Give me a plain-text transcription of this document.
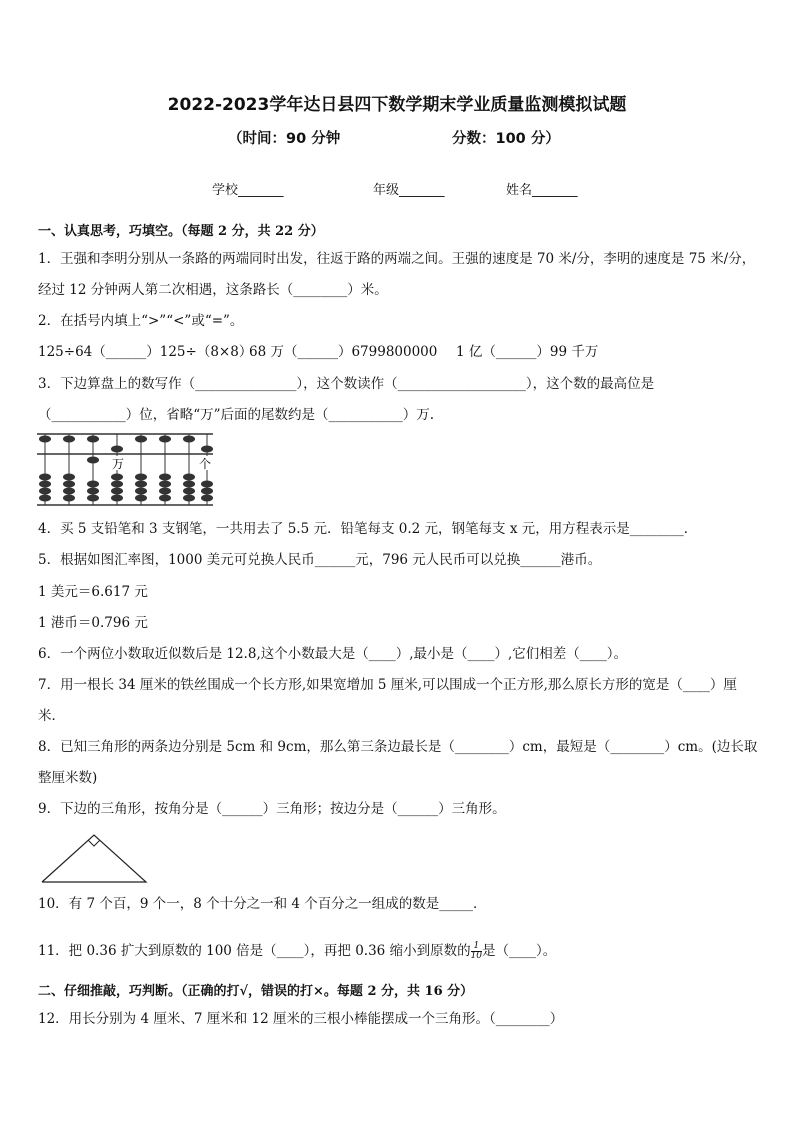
2022-2023学年达日县四下数学期末学业质量监测模拟试题
（时间：90 分钟	分数：100 分）
学校_______	年级_______	姓名_______
一、认真思考，巧填空。（每题 2 分，共 22 分）
1．王强和李明分别从一条路的两端同时出发，往返于路的两端之间。王强的速度是 70 米/分，李明的速度是 75 米/分，
经过 12 分钟两人第二次相遇，这条路长（________）米。
2．在括号内填上“>”“<”或“=”。
125÷64（______）125÷（8×8）
68 万（______）6799800000 1 亿（______）99 千万
3．下边算盘上的数写作（_______________），这个数读作（___________________），这个数的最高位是
（___________）位，省略“万”后面的尾数约是（___________）万.
万	个
4．买 5 支铅笔和 3 支钢笔，一共用去了 5.5 元．铅笔每支 0.2 元，钢笔每支 x 元，用方程表示是________．
5．根据如图汇率图，1000 美元可兑换人民币______元，796 元人民币可以兑换______港币。
1 美元＝6.617 元
1 港币＝0.796 元
6．一个两位小数取近似数后是 12.8,这个小数最大是（____）,最小是（____）,它们相差（____）。
7．用一根长 34 厘米的铁丝围成一个长方形,如果宽增加 5 厘米,可以围成一个正方形,那么原长方形的宽是（____）厘
米．
8．已知三角形的两条边分别是 5cm 和 9cm，那么第三条边最长是（________）cm，最短是（________）cm。(边长取
整厘米数)
9．下边的三角形，按角分是（______）三角形；按边分是（______）三角形。
10．有 7 个百，9 个一，8 个十分之一和 4 个百分之一组成的数是_____．
11．把 0.36 扩大到原数的 100 倍是（____），再把 0.36 缩小到原数的 $\frac{1}{10}$ 是（____）。
二、仔细推敲，巧判断。（正确的打√，错误的打×。每题 2 分，共 16 分）
12．用长分别为 4 厘米、7 厘米和 12 厘米的三根小棒能摆成一个三角形。（________）
